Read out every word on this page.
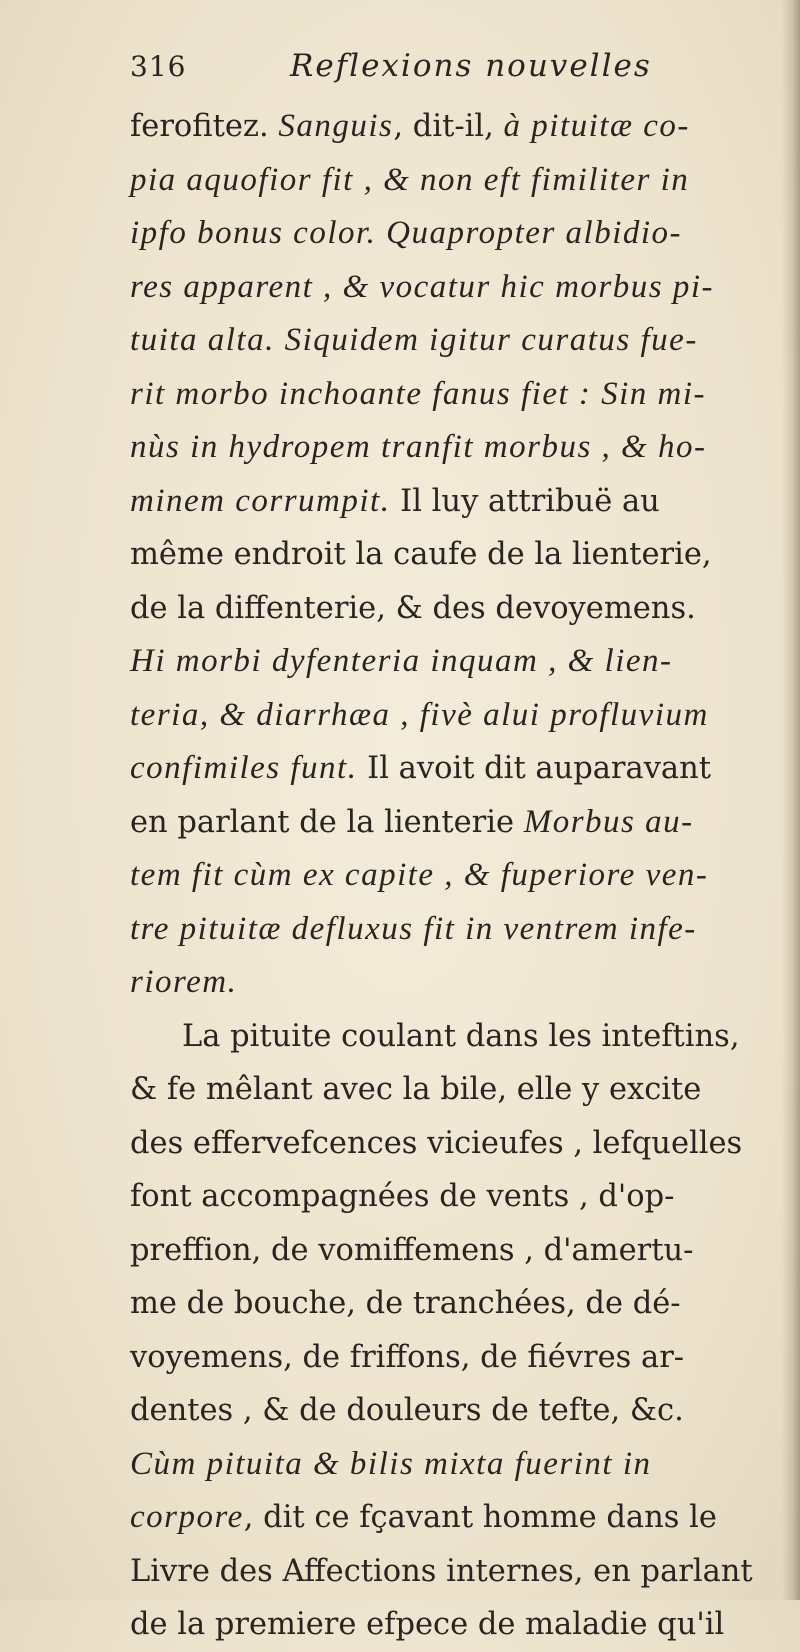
316	Reflexions nouvelles
ferofitez. Sanguis, dit-il, à pituitæ co-
pia aquofior fit , & non eft fimiliter in
ipfo bonus color. Quapropter albidio-
res apparent , & vocatur hic morbus pi-
tuita alta. Siquidem igitur curatus fue-
rit morbo inchoante fanus fiet : Sin mi-
nùs in hydropem tranfit morbus , & ho-
minem corrumpit. Il luy attribuë au
même endroit la caufe de la lienterie,
de la diffenterie, & des devoyemens.
Hi morbi dyfenteria inquam , & lien-
teria, & diarrhæa , fivè alui profluvium
confimiles funt. Il avoit dit auparavant
en parlant de la lienterie Morbus au-
tem fit cùm ex capite , & fuperiore ven-
tre pituitæ defluxus fit in ventrem infe-
riorem.
La pituite coulant dans les inteftins,
& fe mêlant avec la bile, elle y excite
des effervefcences vicieufes , lefquelles
font accompagnées de vents , d'op-
preffion, de vomiffemens , d'amertu-
me de bouche, de tranchées, de dé-
voyemens, de friffons, de fiévres ar-
dentes , & de douleurs de tefte, &c.
Cùm pituita & bilis mixta fuerint in
corpore, dit ce fçavant homme dans le
Livre des Affections internes, en parlant
de la premiere efpece de maladie qu'il
